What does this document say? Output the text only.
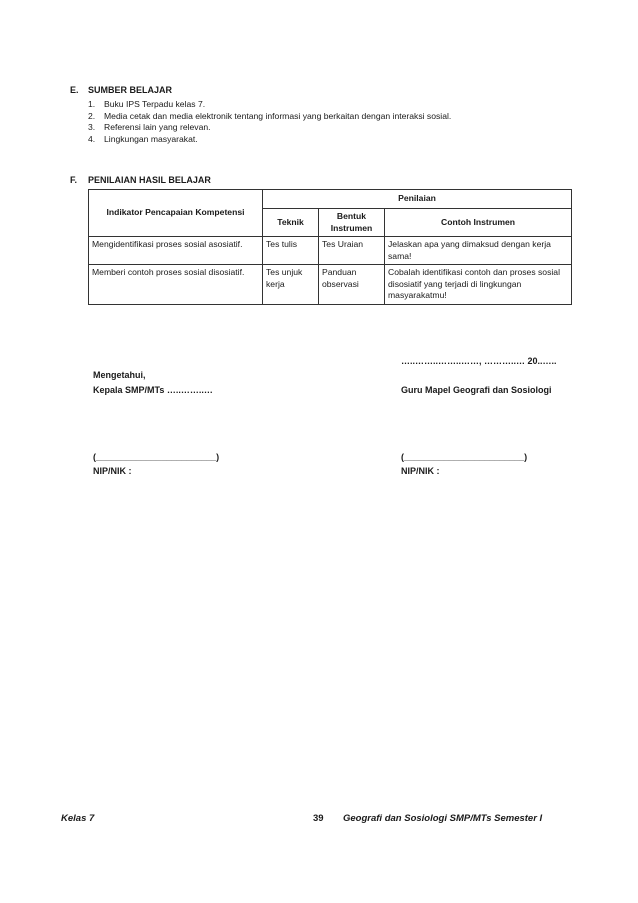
E. SUMBER BELAJAR
1. Buku IPS Terpadu kelas 7.
2. Media cetak dan media elektronik tentang informasi yang berkaitan dengan interaksi sosial.
3. Referensi lain yang relevan.
4. Lingkungan masyarakat.
F. PENILAIAN HASIL BELAJAR
Indikator Pencapaian Kompetensi	Penilaian		
	Teknik	Bentuk Instrumen	Contoh Instrumen
Mengidentifikasi proses sosial asosiatif.	Tes tulis	Tes Uraian	Jelaskan apa yang dimaksud dengan kerja sama!
Memberi contoh proses sosial disosiatif.	Tes unjuk kerja	Panduan observasi	Cobalah identifikasi contoh dan proses sosial disosiatif yang terjadi di lingkungan masyarakatmu!
…..……..……..……, ………..… 20..…..
Mengetahui,
Kepala SMP/MTs …..……..…	Guru Mapel Geografi dan Sosiologi
(________________________)	(________________________)
NIP/NIK :	NIP/NIK :
Kelas 7	39 Geografi dan Sosiologi SMP/MTs Semester I
